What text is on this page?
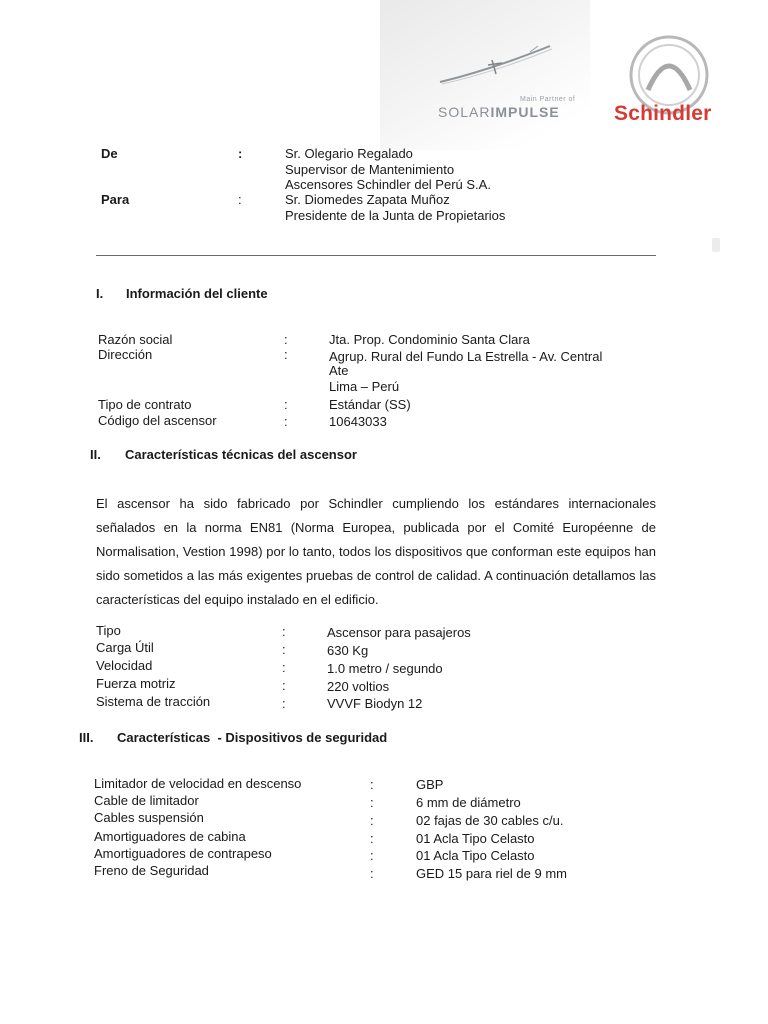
Main Partner of
SOLARIMPULSE	Schindler
De	:	Sr. Olegario Regalado
Supervisor de Mantenimiento
Ascensores Schindler del Perú S.A.
Para	:	Sr. Diomedes Zapata Muñoz
Presidente de la Junta de Propietarios
I. Información del cliente
Razón social	:	Jta. Prop. Condominio Santa Clara
Dirección	:	Agrup. Rural del Fundo La Estrella - Av. Central
Ate
Lima – Perú
Tipo de contrato	:	Estándar (SS)
Código del ascensor	:	10643033
II. Características técnicas del ascensor

El ascensor ha sido fabricado por Schindler cumpliendo los estándares internacionales señalados en la norma EN81 (Norma Europea, publicada por el Comité Européenne de Normalisation, Vestion 1998) por lo tanto, todos los dispositivos que conforman este equipos han sido sometidos a las más exigentes pruebas de control de calidad. A continuación detallamos las características del equipo instalado en el edificio.

Tipo	:	Ascensor para pasajeros
Carga Útil	:	630 Kg
Velocidad	:	1.0 metro / segundo
Fuerza motriz	:	220 voltios
Sistema de tracción	:	VVVF Biodyn 12
III. Características  - Dispositivos de seguridad
Limitador de velocidad en descenso	:	GBP
Cable de limitador	:	6 mm de diámetro
Cables suspensión	:	02 fajas de 30 cables c/u.
Amortiguadores de cabina	:	01 Acla Tipo Celasto
Amortiguadores de contrapeso	:	01 Acla Tipo Celasto
Freno de Seguridad	:	GED 15 para riel de 9 mm
